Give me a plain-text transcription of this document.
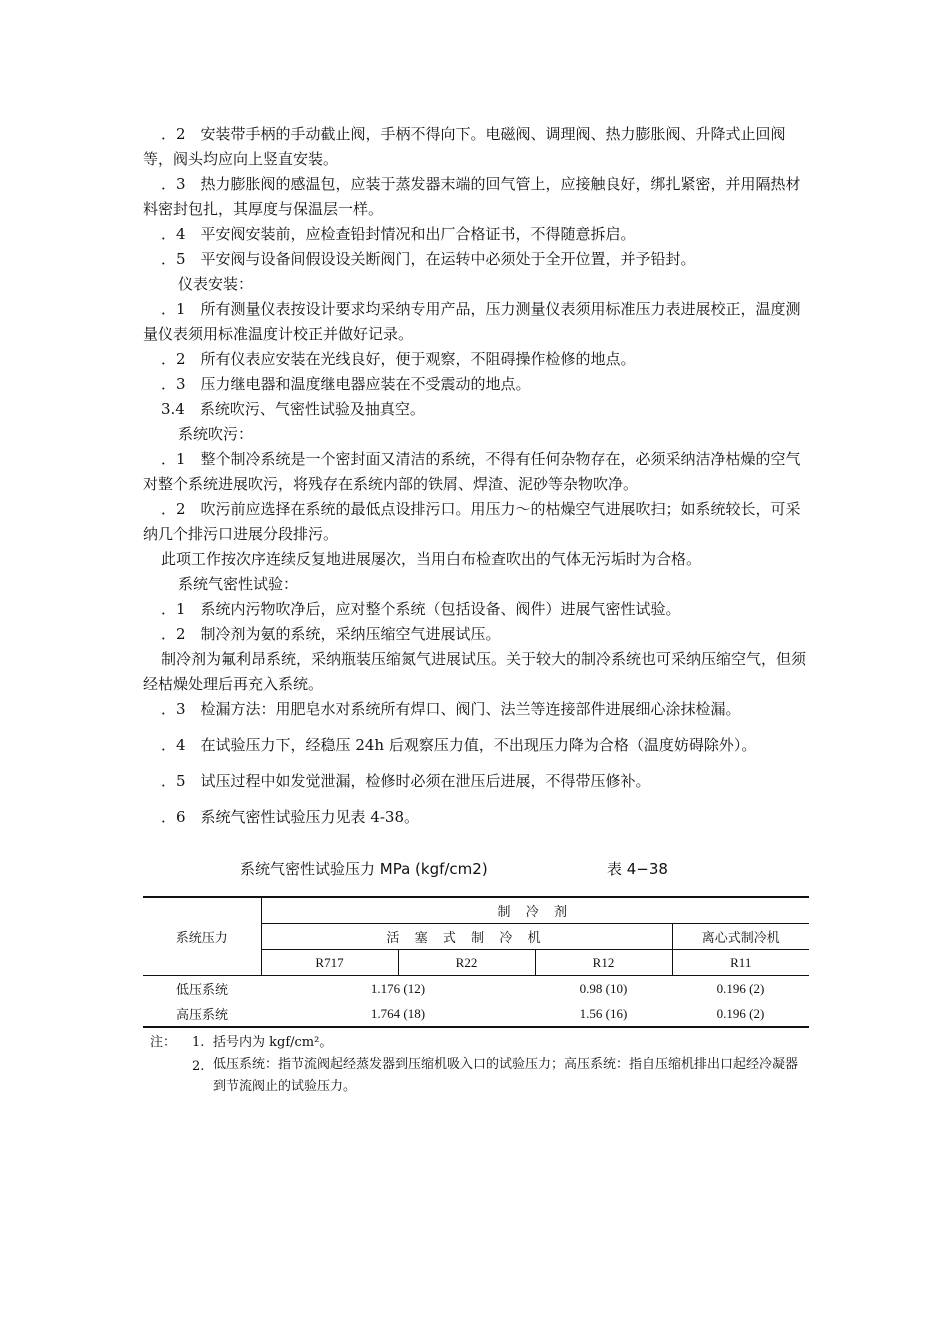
．2　安装带手柄的手动截止阀，手柄不得向下。电磁阀、调理阀、热力膨胀阀、升降式止回阀等，阀头均应向上竖直安装。
．3　热力膨胀阀的感温包，应装于蒸发器末端的回气管上，应接触良好，绑扎紧密，并用隔热材料密封包扎，其厚度与保温层一样。
．4　平安阀安装前，应检查铅封情况和出厂合格证书，不得随意拆启。
．5　平安阀与设备间假设设关断阀门，在运转中必须处于全开位置，并予铅封。
仪表安装：
．1　所有测量仪表按设计要求均采纳专用产品，压力测量仪表须用标准压力表进展校正，温度测量仪表须用标准温度计校正并做好记录。
．2　所有仪表应安装在光线良好，便于观察，不阻碍操作检修的地点。
．3　压力继电器和温度继电器应装在不受震动的地点。
3.4　系统吹污、气密性试验及抽真空。
系统吹污：
．1　整个制冷系统是一个密封面又清洁的系统，不得有任何杂物存在，必须采纳洁净枯燥的空气对整个系统进展吹污，将残存在系统内部的铁屑、焊渣、泥砂等杂物吹净。
．2　吹污前应选择在系统的最低点设排污口。用压力～的枯燥空气进展吹扫；如系统较长，可采纳几个排污口进展分段排污。
此项工作按次序连续反复地进展屡次，当用白布检查吹出的气体无污垢时为合格。
系统气密性试验：
．1　系统内污物吹净后，应对整个系统（包括设备、阀件）进展气密性试验。
．2　制冷剂为氨的系统，采纳压缩空气进展试压。
制冷剂为氟利昂系统，采纳瓶装压缩氮气进展试压。关于较大的制冷系统也可采纳压缩空气，但须经枯燥处理后再充入系统。
．3　检漏方法：用肥皂水对系统所有焊口、阀门、法兰等连接部件进展细心涂抹检漏。
．4　在试验压力下，经稳压 24h 后观察压力值，不出现压力降为合格（温度妨碍除外）。
．5　试压过程中如发觉泄漏，检修时必须在泄压后进展，不得带压修补。
．6　系统气密性试验压力见表 4-38。
系统气密性试验压力 MPa (kgf/cm2)	表 4−38
系统压力	制 冷 剂			
	活 塞 式 制 冷 机			离心式制冷机
	R717	R22	R12	R11
低压系统	1.176 (12)		0.98 (10)	0.196 (2)
高压系统	1.764 (18)		1.56 (16)	0.196 (2)
注： 1. 括号内为 kgf/cm²。
2. 低压系统：指节流阀起经蒸发器到压缩机吸入口的试验压力；高压系统：指自压缩机排出口起经冷凝器到节流阀止的试验压力。
